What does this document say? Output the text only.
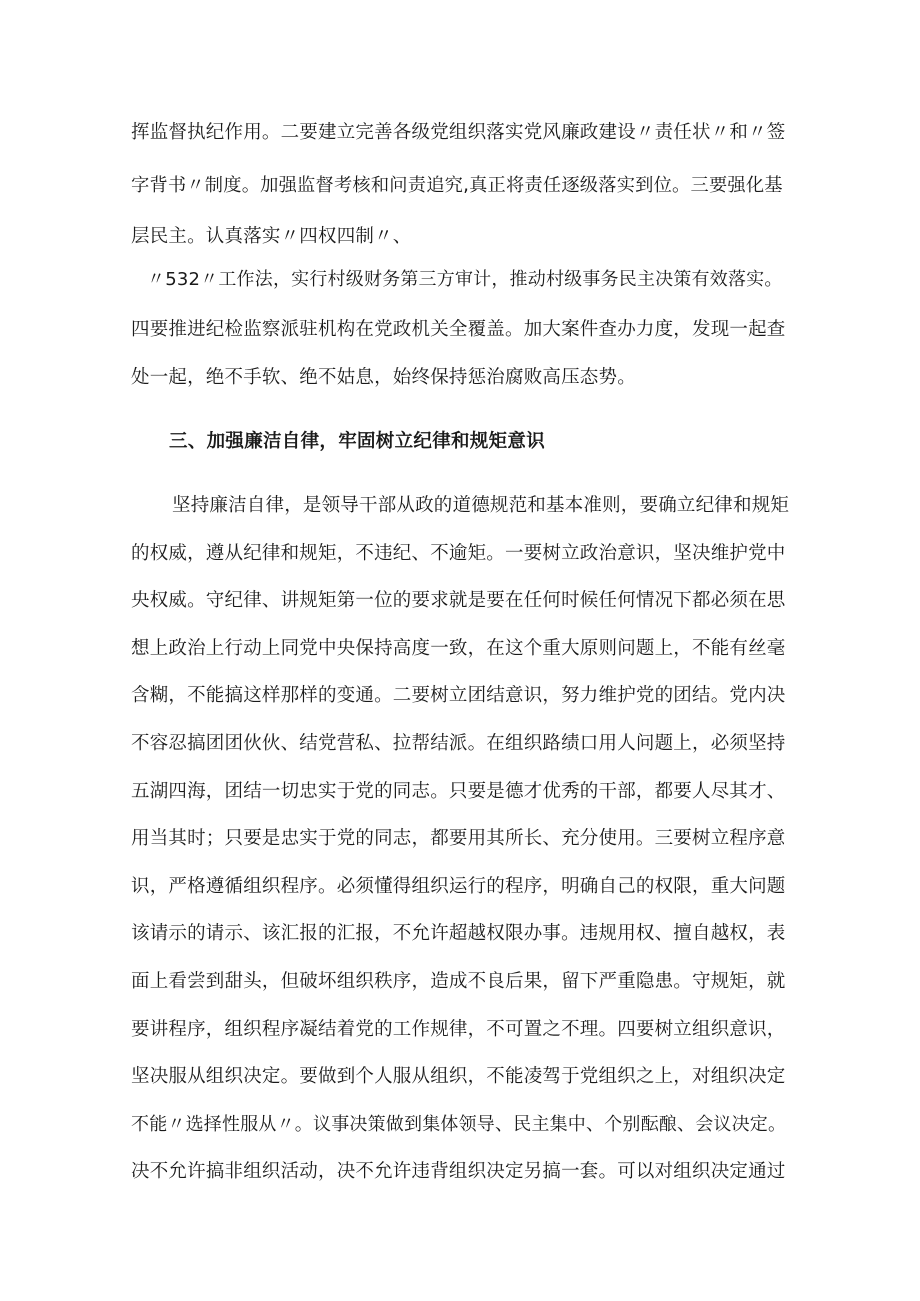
挥监督执纪作用。二要建立完善各级党组织落实党风廉政建设〃责任状〃和〃签
字背书〃制度。加强监督考核和问责追究,真正将责任逐级落实到位。三要强化基
层民主。认真落实〃四权四制〃、
〃532〃工作法，实行村级财务第三方审计，推动村级事务民主决策有效落实。
四要推进纪检监察派驻机构在党政机关全覆盖。加大案件查办力度，发现一起查
处一起，绝不手软、绝不姑息，始终保持惩治腐败高压态势。
三、加强廉洁自律，牢固树立纪律和规矩意识
坚持廉洁自律，是领导干部从政的道德规范和基本准则，要确立纪律和规矩
的权威，遵从纪律和规矩，不违纪、不逾矩。一要树立政治意识，坚决维护党中
央权威。守纪律、讲规矩第一位的要求就是要在任何时候任何情况下都必须在思
想上政治上行动上同党中央保持高度一致，在这个重大原则问题上，不能有丝毫
含糊，不能搞这样那样的变通。二要树立团结意识，努力维护党的团结。党内决
不容忍搞团团伙伙、结党营私、拉帮结派。在组织路绩口用人问题上，必须坚持
五湖四海，团结一切忠实于党的同志。只要是德才优秀的干部，都要人尽其才、
用当其时；只要是忠实于党的同志，都要用其所长、充分使用。三要树立程序意
识，严格遵循组织程序。必须懂得组织运行的程序，明确自己的权限，重大问题
该请示的请示、该汇报的汇报，不允许超越权限办事。违规用权、擅自越权，表
面上看尝到甜头，但破坏组织秩序，造成不良后果，留下严重隐患。守规矩，就
要讲程序，组织程序凝结着党的工作规律，不可置之不理。四要树立组织意识，
坚决服从组织决定。要做到个人服从组织，不能凌驾于党组织之上，对组织决定
不能〃选择性服从〃。议事决策做到集体领导、民主集中、个别酝酿、会议决定。
决不允许搞非组织活动，决不允许违背组织决定另搞一套。可以对组织决定通过
